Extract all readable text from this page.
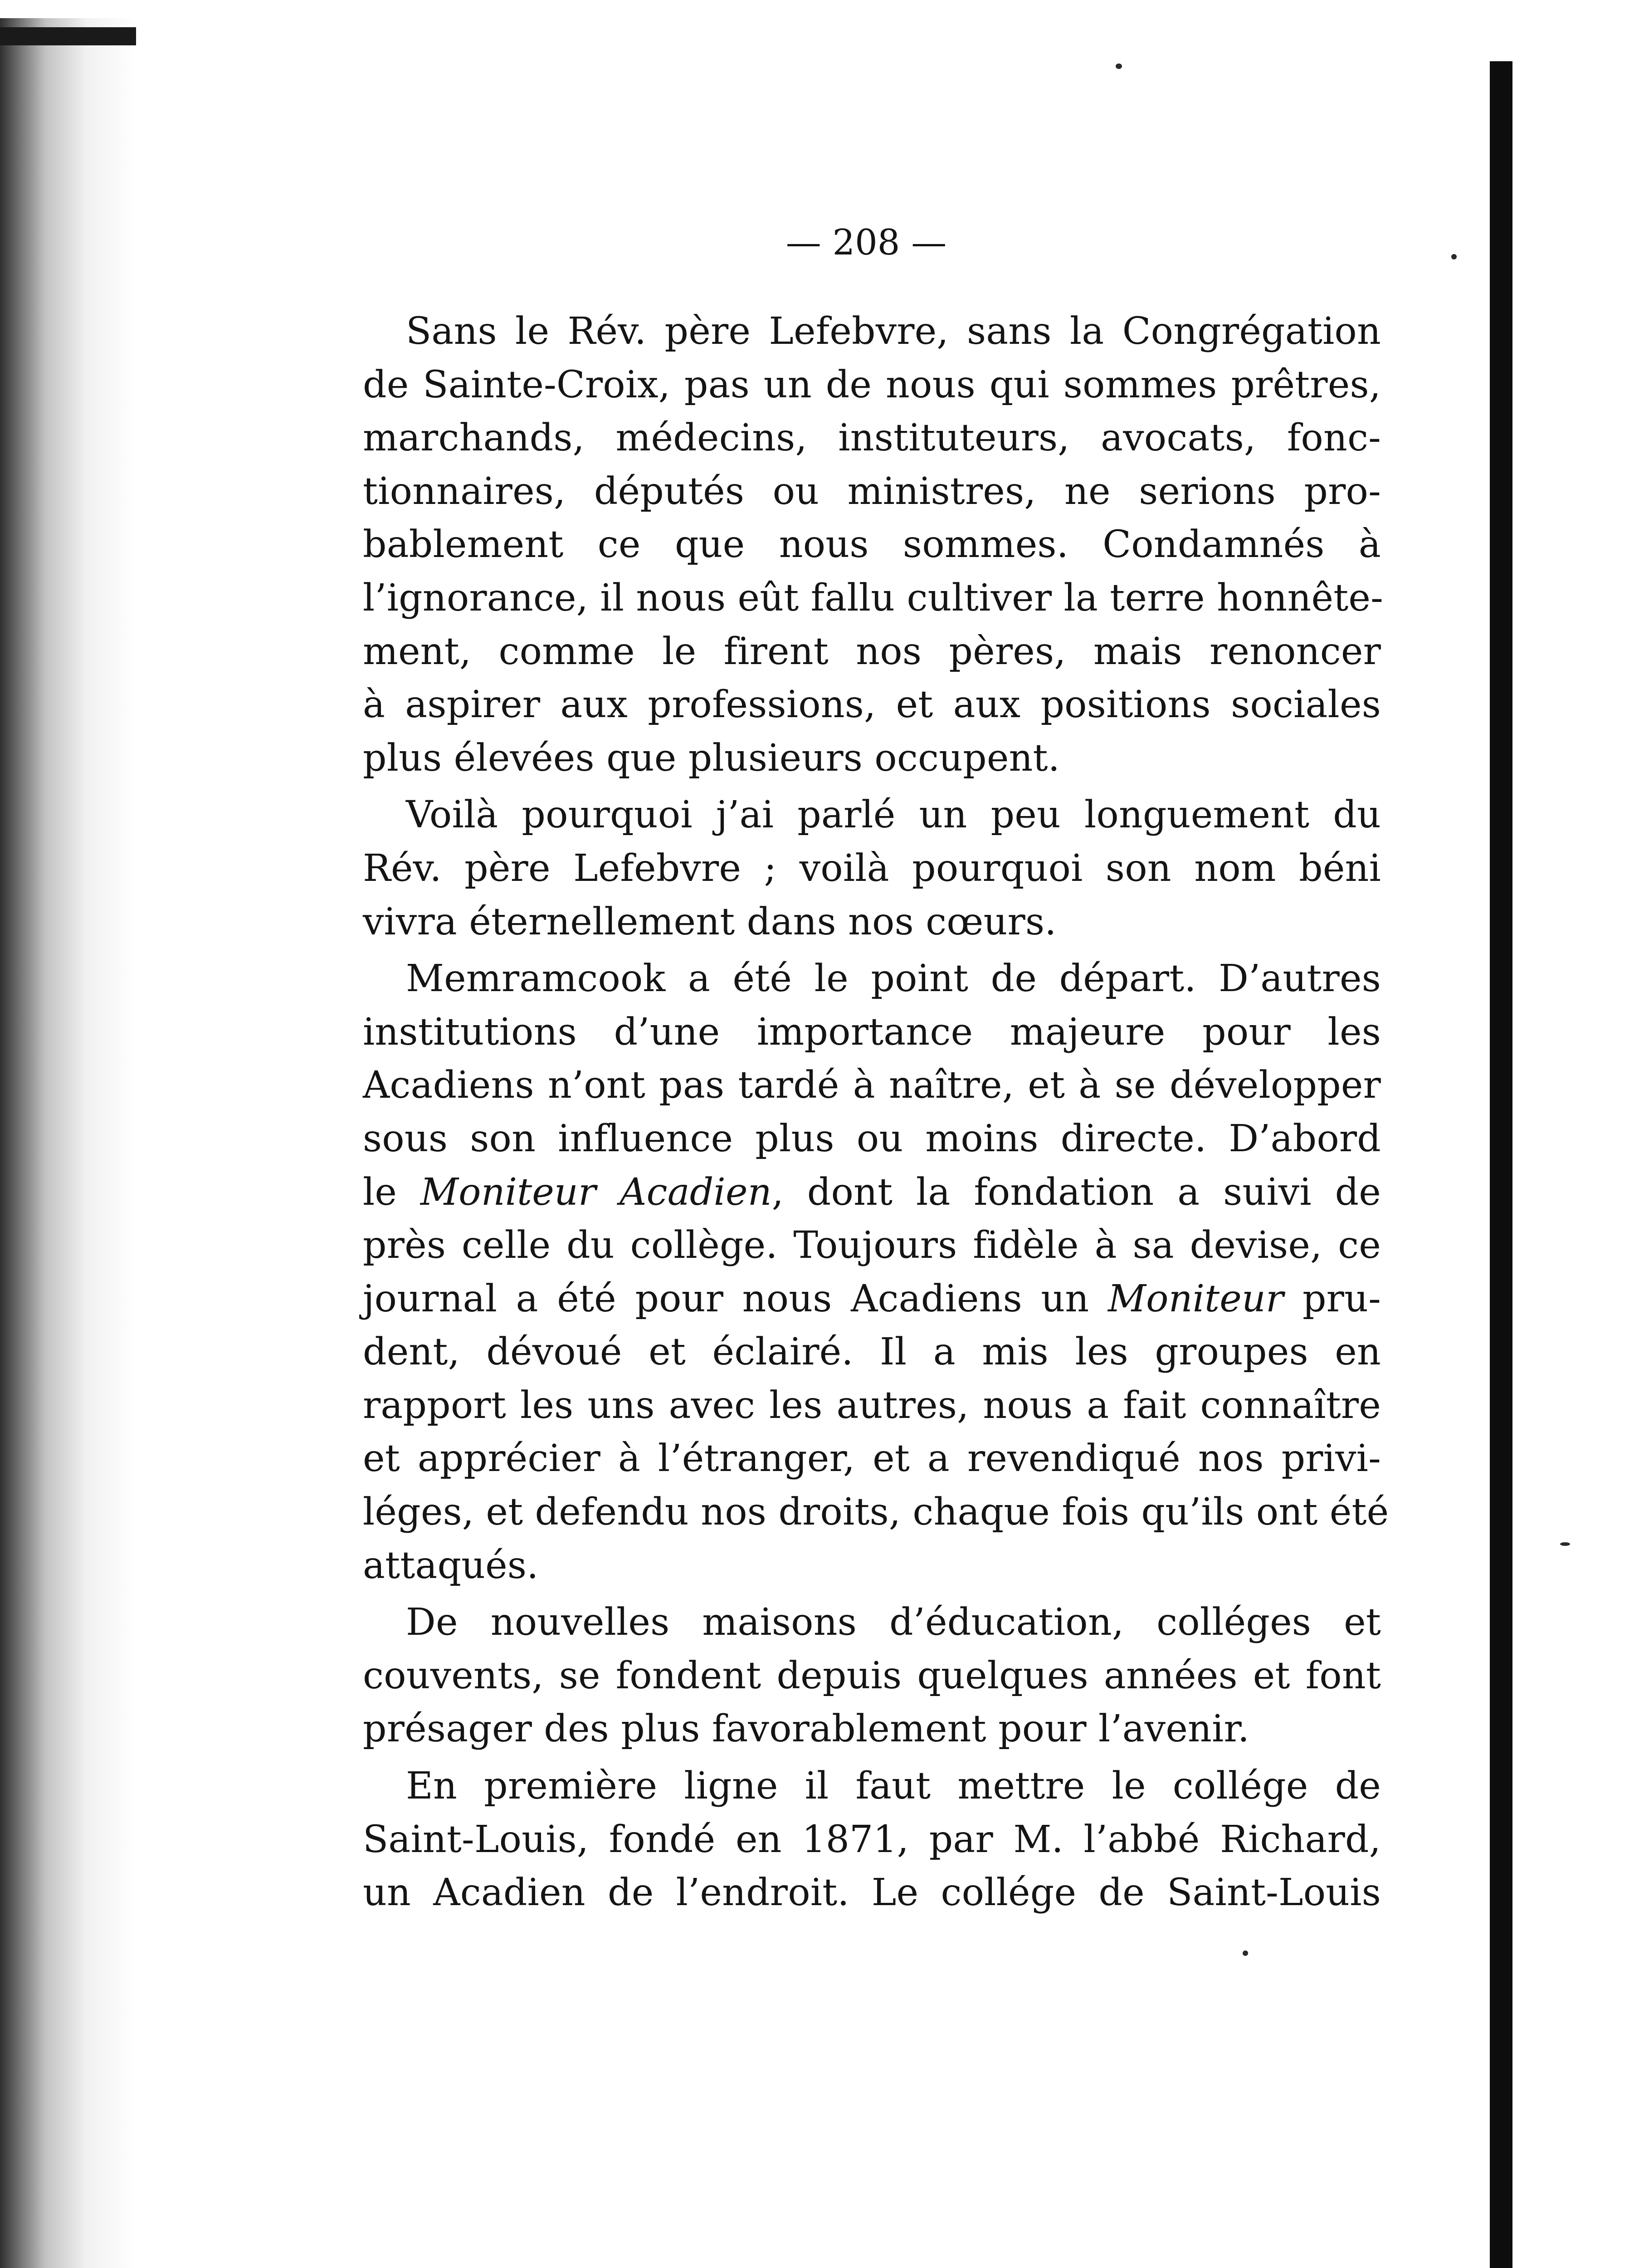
— 208 —
Sans le Rév. père Lefebvre, sans la Congrégation
de Sainte-Croix, pas un de nous qui sommes prêtres,
marchands, médecins, instituteurs, avocats, fonc-
tionnaires, députés ou ministres, ne serions pro-
bablement ce que nous sommes. Condamnés à
l’ignorance, il nous eût fallu cultiver la terre honnête-
ment, comme le firent nos pères, mais renoncer
à aspirer aux professions, et aux positions sociales
plus élevées que plusieurs occupent.
Voilà pourquoi j’ai parlé un peu longuement du
Rév. père Lefebvre ; voilà pourquoi son nom béni
vivra éternellement dans nos cœurs.
Memramcook a été le point de départ. D’autres
institutions d’une importance majeure pour les
Acadiens n’ont pas tardé à naître, et à se développer
sous son influence plus ou moins directe. D’abord
le Moniteur Acadien, dont la fondation a suivi de
près celle du collège. Toujours fidèle à sa devise, ce
journal a été pour nous Acadiens un Moniteur pru-
dent, dévoué et éclairé. Il a mis les groupes en
rapport les uns avec les autres, nous a fait connaître
et apprécier à l’étranger, et a revendiqué nos privi-
léges, et defendu nos droits, chaque fois qu’ils ont été
attaqués.
De nouvelles maisons d’éducation, colléges et
couvents, se fondent depuis quelques années et font
présager des plus favorablement pour l’avenir.
En première ligne il faut mettre le collége de
Saint-Louis, fondé en 1871, par M. l’abbé Richard,
un Acadien de l’endroit. Le collége de Saint-Louis
